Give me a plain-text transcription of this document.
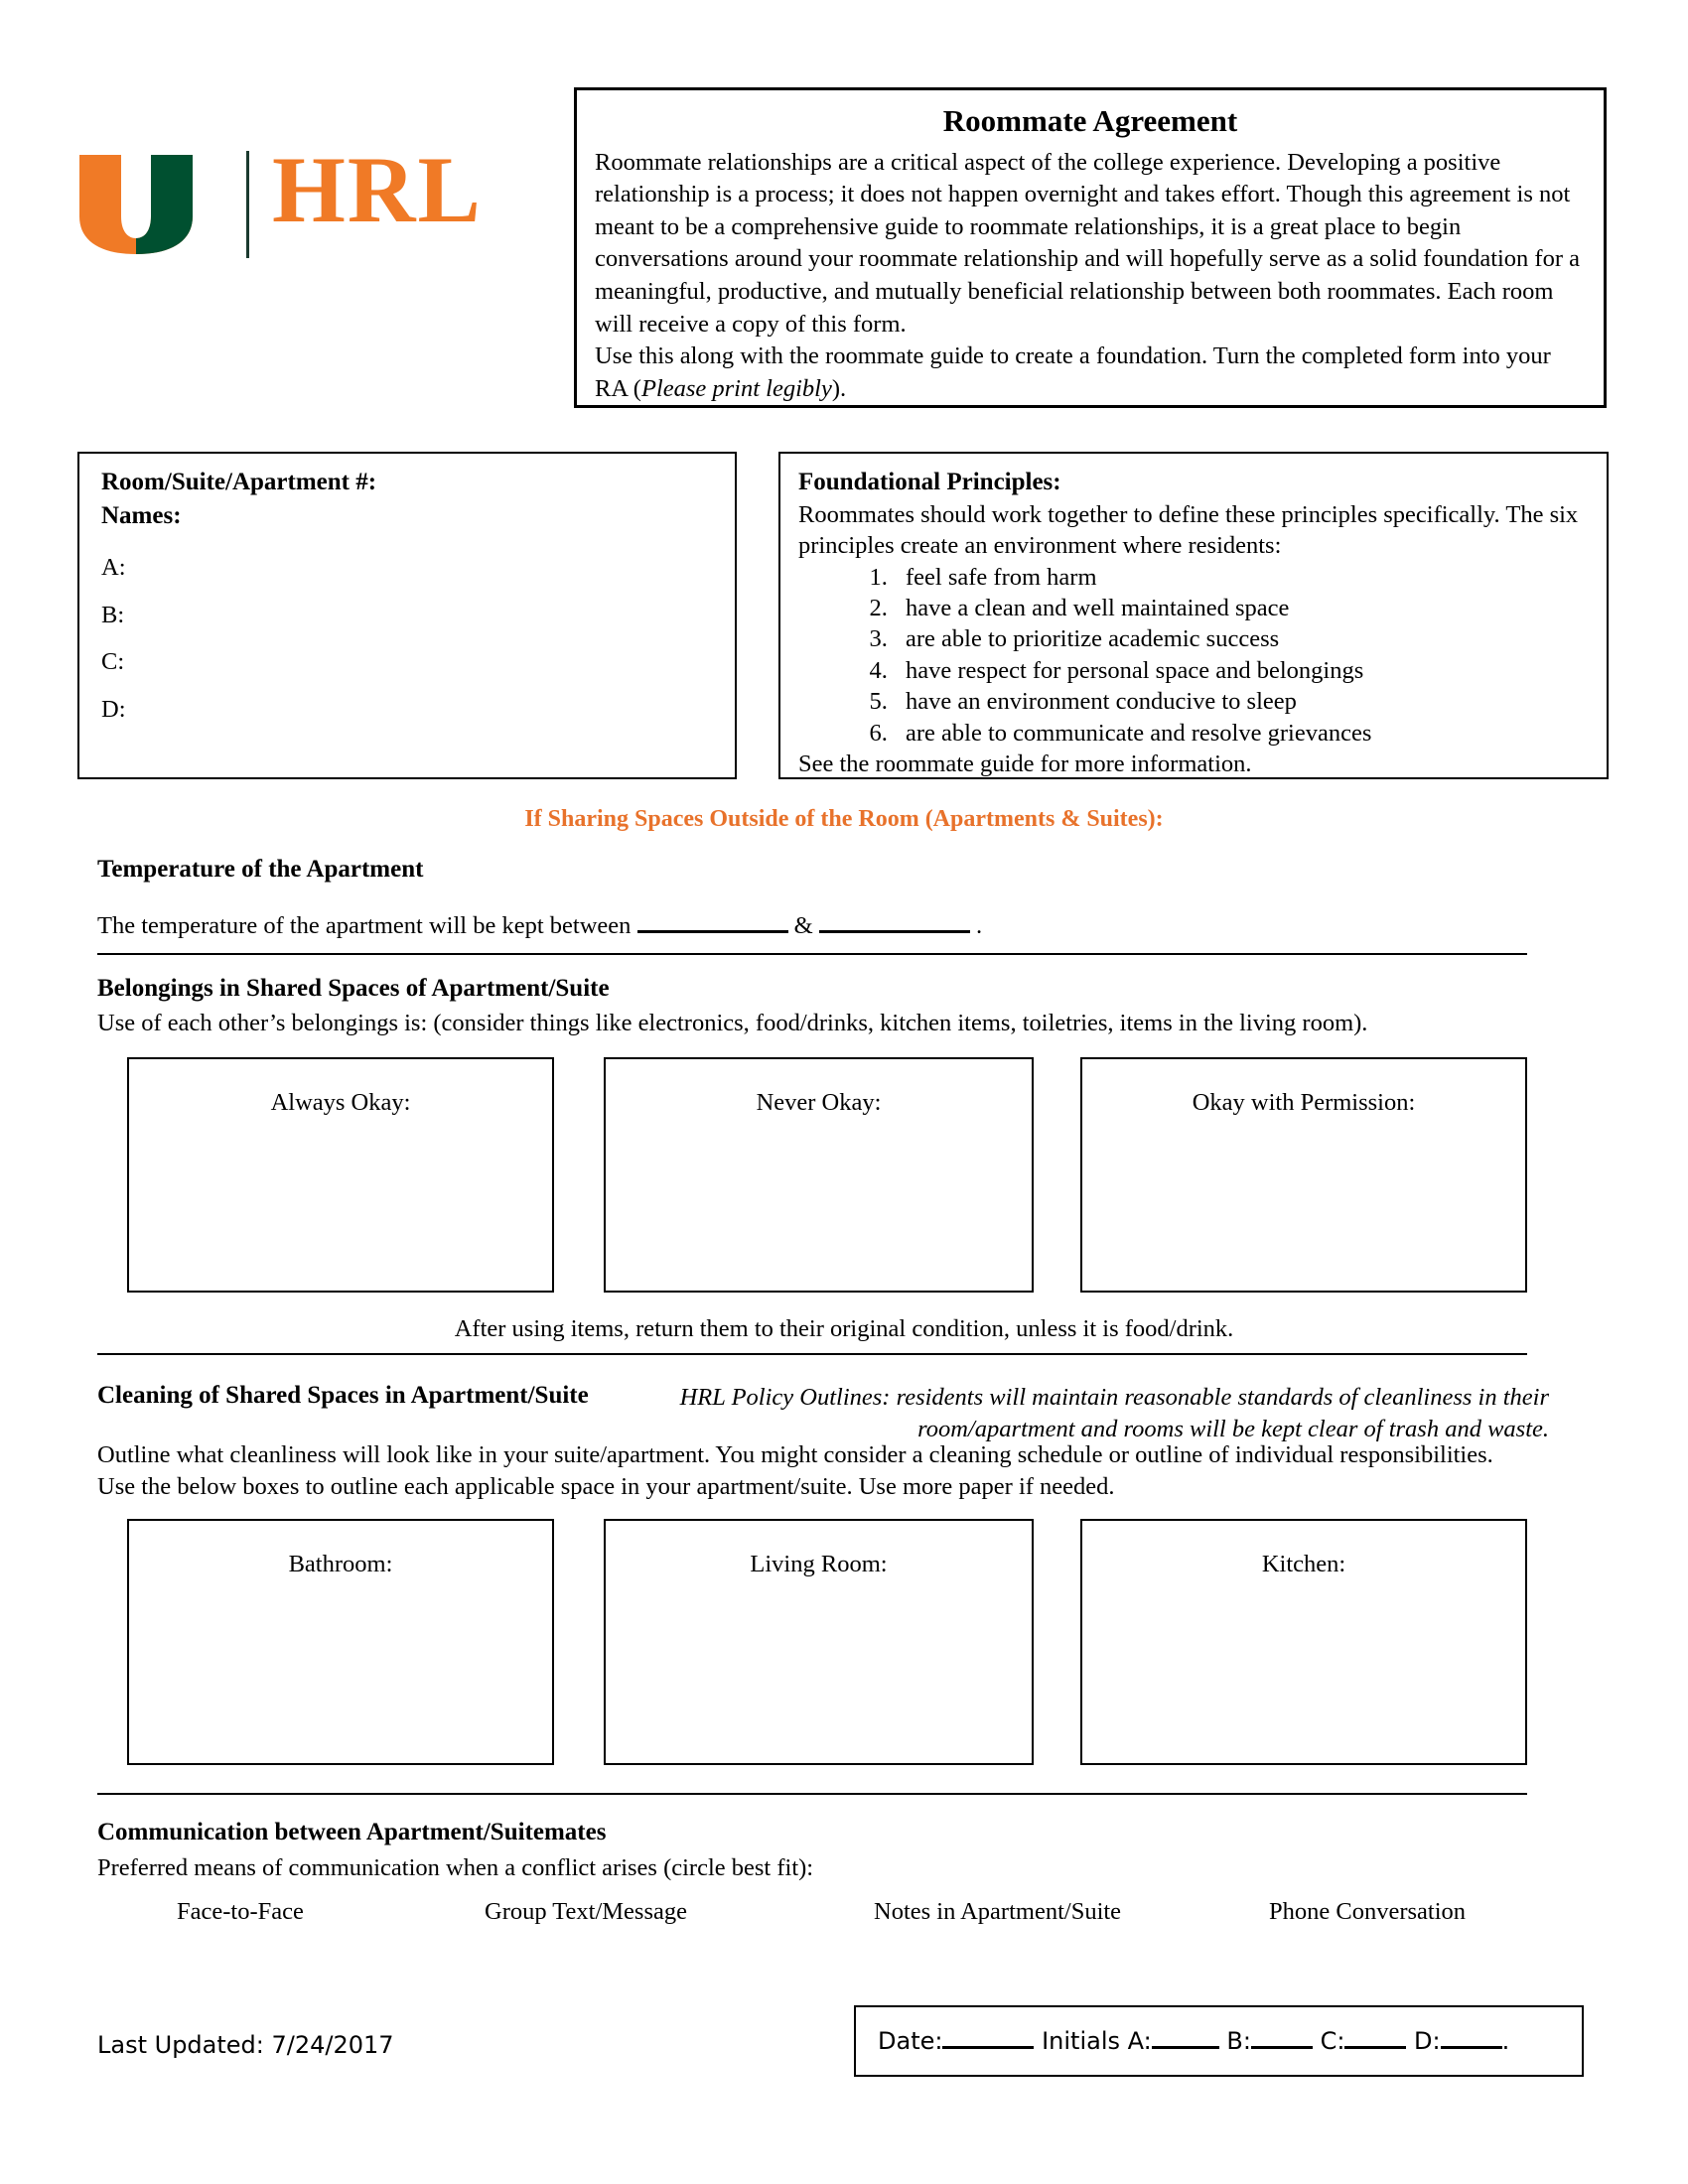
HRL
Roommate Agreement
Roommate relationships are a critical aspect of the college experience. Developing a positive relationship is a process; it does not happen overnight and takes effort. Though this agreement is not meant to be a comprehensive guide to roommate relationships, it is a great place to begin conversations around your roommate relationship and will hopefully serve as a solid foundation for a meaningful, productive, and mutually beneficial relationship between both roommates. Each room will receive a copy of this form.
Use this along with the roommate guide to create a foundation. Turn the completed form into your RA (Please print legibly).
Room/Suite/Apartment #:
Names:
A:
B:
C:
D:
Foundational Principles:
Roommates should work together to define these principles specifically. The six principles create an environment where residents:
1. feel safe from harm
2. have a clean and well maintained space
3. are able to prioritize academic success
4. have respect for personal space and belongings
5. have an environment conducive to sleep
6. are able to communicate and resolve grievances
See the roommate guide for more information.
If Sharing Spaces Outside of the Room (Apartments & Suites):
Temperature of the Apartment
The temperature of the apartment will be kept between	&	.
Belongings in Shared Spaces of Apartment/Suite
Use of each other’s belongings is: (consider things like electronics, food/drinks, kitchen items, toiletries, items in the living room).
Always Okay:	Never Okay:	Okay with Permission:
After using items, return them to their original condition, unless it is food/drink.
Cleaning of Shared Spaces in Apartment/Suite	HRL Policy Outlines: residents will maintain reasonable standards of cleanliness in their room/apartment and rooms will be kept clear of trash and waste.
Outline what cleanliness will look like in your suite/apartment. You might consider a cleaning schedule or outline of individual responsibilities. Use the below boxes to outline each applicable space in your apartment/suite. Use more paper if needed.
Bathroom:	Living Room:	Kitchen:
Communication between Apartment/Suitemates
Preferred means of communication when a conflict arises (circle best fit):
Face-to-Face	Group Text/Message	Notes in Apartment/Suite	Phone Conversation
Last Updated: 7/24/2017	Date:	Initials A:	B:	C:	D:	.
